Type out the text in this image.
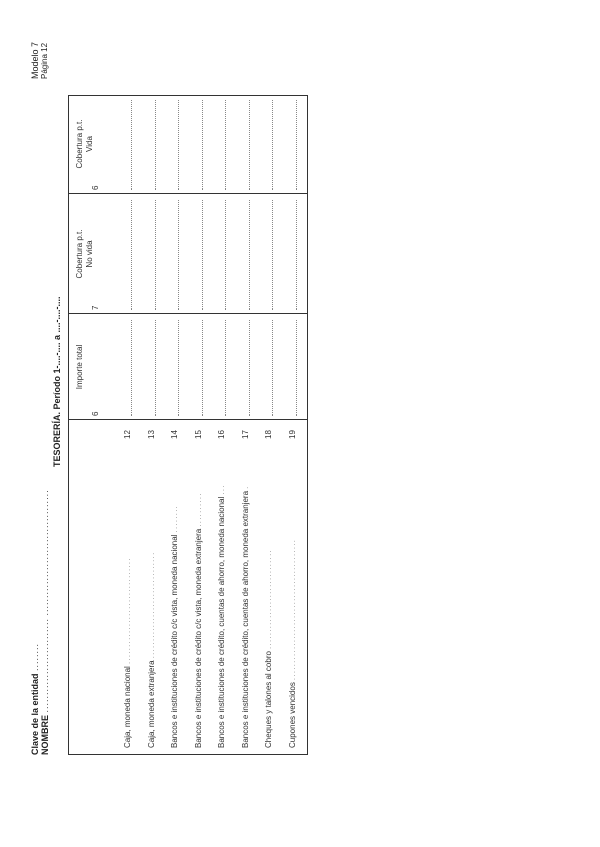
Clave de la entidad ........
NOMBRE ........................... ....................................
TESORERÍA. Período 1-....-.... a ....-....-....
Modelo 7 Página 12
Importe total
6
Cobertura p.t. No vida
7
Cobertura p.t. Vida
6
Caja, moneda nacional ...............................
12
Caja, moneda extranjera ...............................
13
Bancos e instituciones de crédito c/c vista, moneda nacional ........
14
Bancos e instituciones de crédito c/c vista, moneda extranjera ..........
15
Bancos e instituciones de crédito, cuentas de ahorro, moneda nacional ...
16
Bancos e instituciones de crédito, cuentas de ahorro, moneda extranjera .
17
Cheques y talones al cobro .............................
18
Cupones vencidos .........................................
19
